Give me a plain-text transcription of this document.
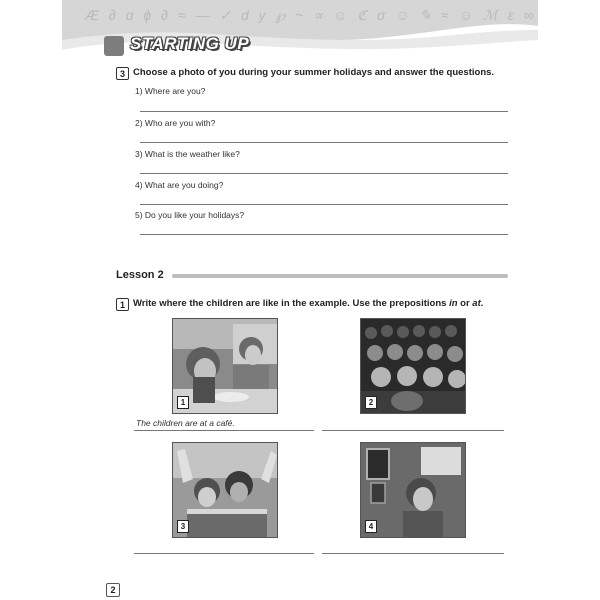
Æ ∂ ɑ ɸ ∂ ≈ — ✓ d y ℘ ~ ∝ ☺ ℭ σ ☺ ✎ ≈ ☺ ℳ ɛ ∞
STARTING UP
3 Choose a photo of you during your summer holidays and answer the questions.
1) Where are you?
2) Who are you with?
3) What is the weather like?
4) What are you doing?
5) Do you like your holidays?
Lesson 2
1 Write where the children are like in the example. Use the prepositions in or at.
1	2
The children are at a café.
3	4
2
